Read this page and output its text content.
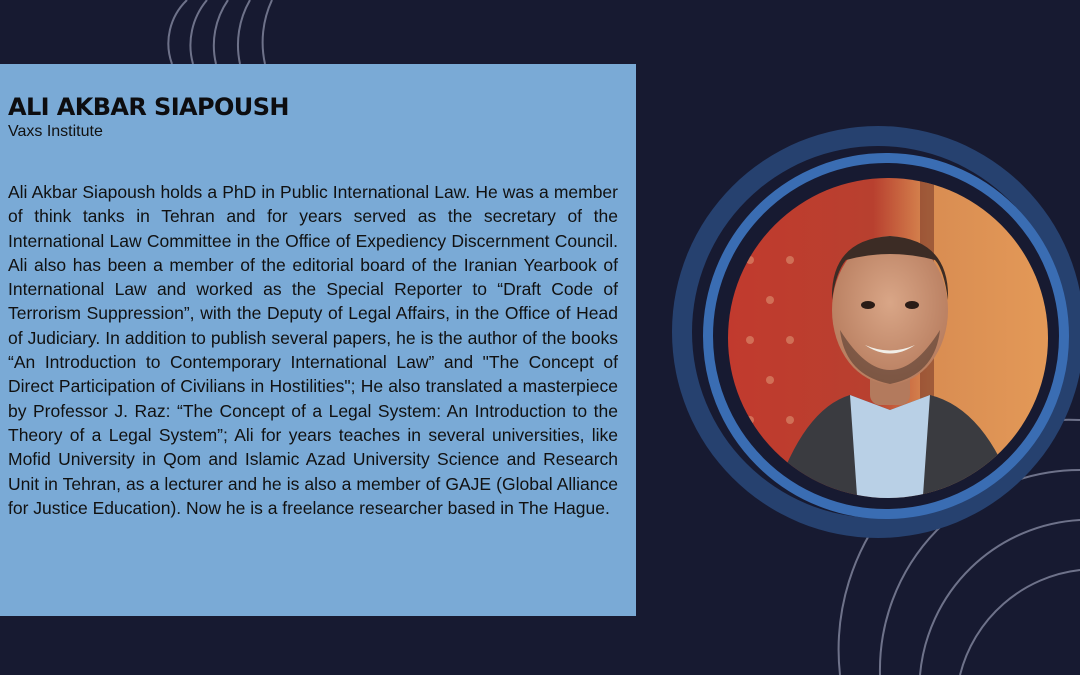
ALI AKBAR SIAPOUSH

Vaxs Institute

Ali Akbar Siapoush holds a PhD in Public International Law. He was a member of think tanks in Tehran and for years served as the secretary of the International Law Committee in the Office of Expediency Discernment Council. Ali also has been a member of the editorial board of the Iranian Yearbook of International Law and worked as the Special Reporter to “Draft Code of Terrorism Suppression”, with the Deputy of Legal Affairs, in the Office of Head of Judiciary. In addition to publish several papers, he is the author of the books “An Introduction to Contemporary International Law” and "The Concept of Direct Participation of Civilians in Hostilities"; He also translated a masterpiece by Professor J. Raz: “The Concept of a Legal System: An Introduction to the Theory of a Legal System”; Ali for years teaches in several universities, like Mofid University in Qom and Islamic Azad University Science and Research Unit in Tehran, as a lecturer and he is also a member of GAJE (Global Alliance for Justice Education). Now he is a freelance researcher based in The Hague.
